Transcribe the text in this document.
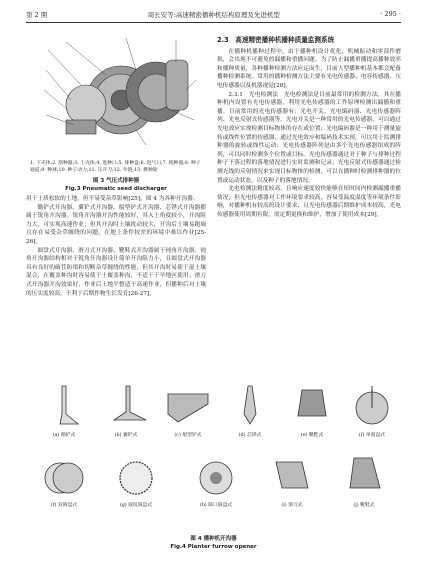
第 2 期	周长安等:高速精密播种机结构原理及先进机型	· 295 ·
1. 下壳体;2. 刮种器;3. 上壳体;4. 进种口;5. 排种盘;6. 进气口;7. 搅种器;8. 种子通道;9. 种球;10. 种子动力;11. 压开刀;12. 外链;13. 携种轮
图 3 气压式排种器
Fig.3 Pneumatic seed discharger

用于土质松软的土地，但不易受杂草影响[25]。图 4 为各种开沟器。

锄铲式开沟器、翼铲式开沟器、船型铲式开沟器、芯铧式开沟器都属于锐角开沟器。锐角开沟器开沟性能较好，其入土角度较小，开沟阻力大，可实现高速作业；但其开沟时土壤扰动较大，开沟后土壤易跑墒且存在易受杂草缠绕的问题，在地上条件较差的环境中难以作业[25-26]。

圆盘式开沟器、滑刀式开沟器、靴鞋式开沟器属于钝角开沟器。钝角开沟器结构相对于锐角开沟器设计简单开沟阻力小，且圆盘式开沟器具有良好的破茬防堵和切断杂草缠绕的性能，但其开沟时易使干湿土壤混合，在覆盖种沟时容易使干土覆盖种沟，不适于干旱地区使用；滑刀式开沟器开沟效果好，作业后土地平整适于高速作业，但播种后对土壤的压实度较高，不利于后期作物生长发育[26-27]。

2.3　高速精密播种机播种质量监测系统

在播种机播种过程中，由于播种机设计优化、机械振动和零部件磨损，会出现不可避免的漏播和重播问题。为了防止漏播重播提高播种效率和播种质量，各种播种检测方法应运而生，目前大型播种机基本都会配备播种检测系统。常用的播种检测方法主要有光电传感器、电容传感器、压电传感器以及机器视觉[28]。

2.3.1　光电检测法　光电检测法是目前最常用的检测方法，其在播种机内设置有光电传感器，利用光电传感器的工作原理检测出漏播和重播。目前常用的光电传感器有：光电开关、光电编码器、光电传感器阵列、光电反射式传感器等。光电开关是一种常用的光电传感器，可以通过光电效应实现检测目标物体的存在或位置；光电编码器是一种用于测量旋转或线性位置的传感器，通过光电效应和编码技术实现，可以用于监测排种器的旋转或线性运动；光电传感器阵列是由多个光电传感器组成的阵列，可以同时检测多个位置或目标。光电传感器通过对于种子与排种过程种子下落过程的落地情况进行实时监测和记录；光电反射式传感器通过检测光线的反射情况来实现目标物体的检测，可以在播种时检测排种器的位置或运动状态，以及种子的落地情况。

光电检测法精度较高，且响应速度较快能够在短时间内检测漏播重播情况；但光电传感器对工作环境要求较高，容易受温度湿度等环境条件影响，对播种机有较高的设计要求，且光电传感器后期维护成本较高，光电传感器使用周期有限，需定期更换和维护，增加了使用成本[29]。

(a) 锄铲式	(b) 翼铲式	(c) 船型铲式	(d) 芯铧式	(e) 靴鞋式	(f) 单圆盘式
(f) 双圆盘式	(g) 波纹圆盘式	(h) 缺口圆盘式	(i) 滑刀式	(j) 靴鞋式
图 4 播种机开沟器
Fig.4 Planter furrow opener
